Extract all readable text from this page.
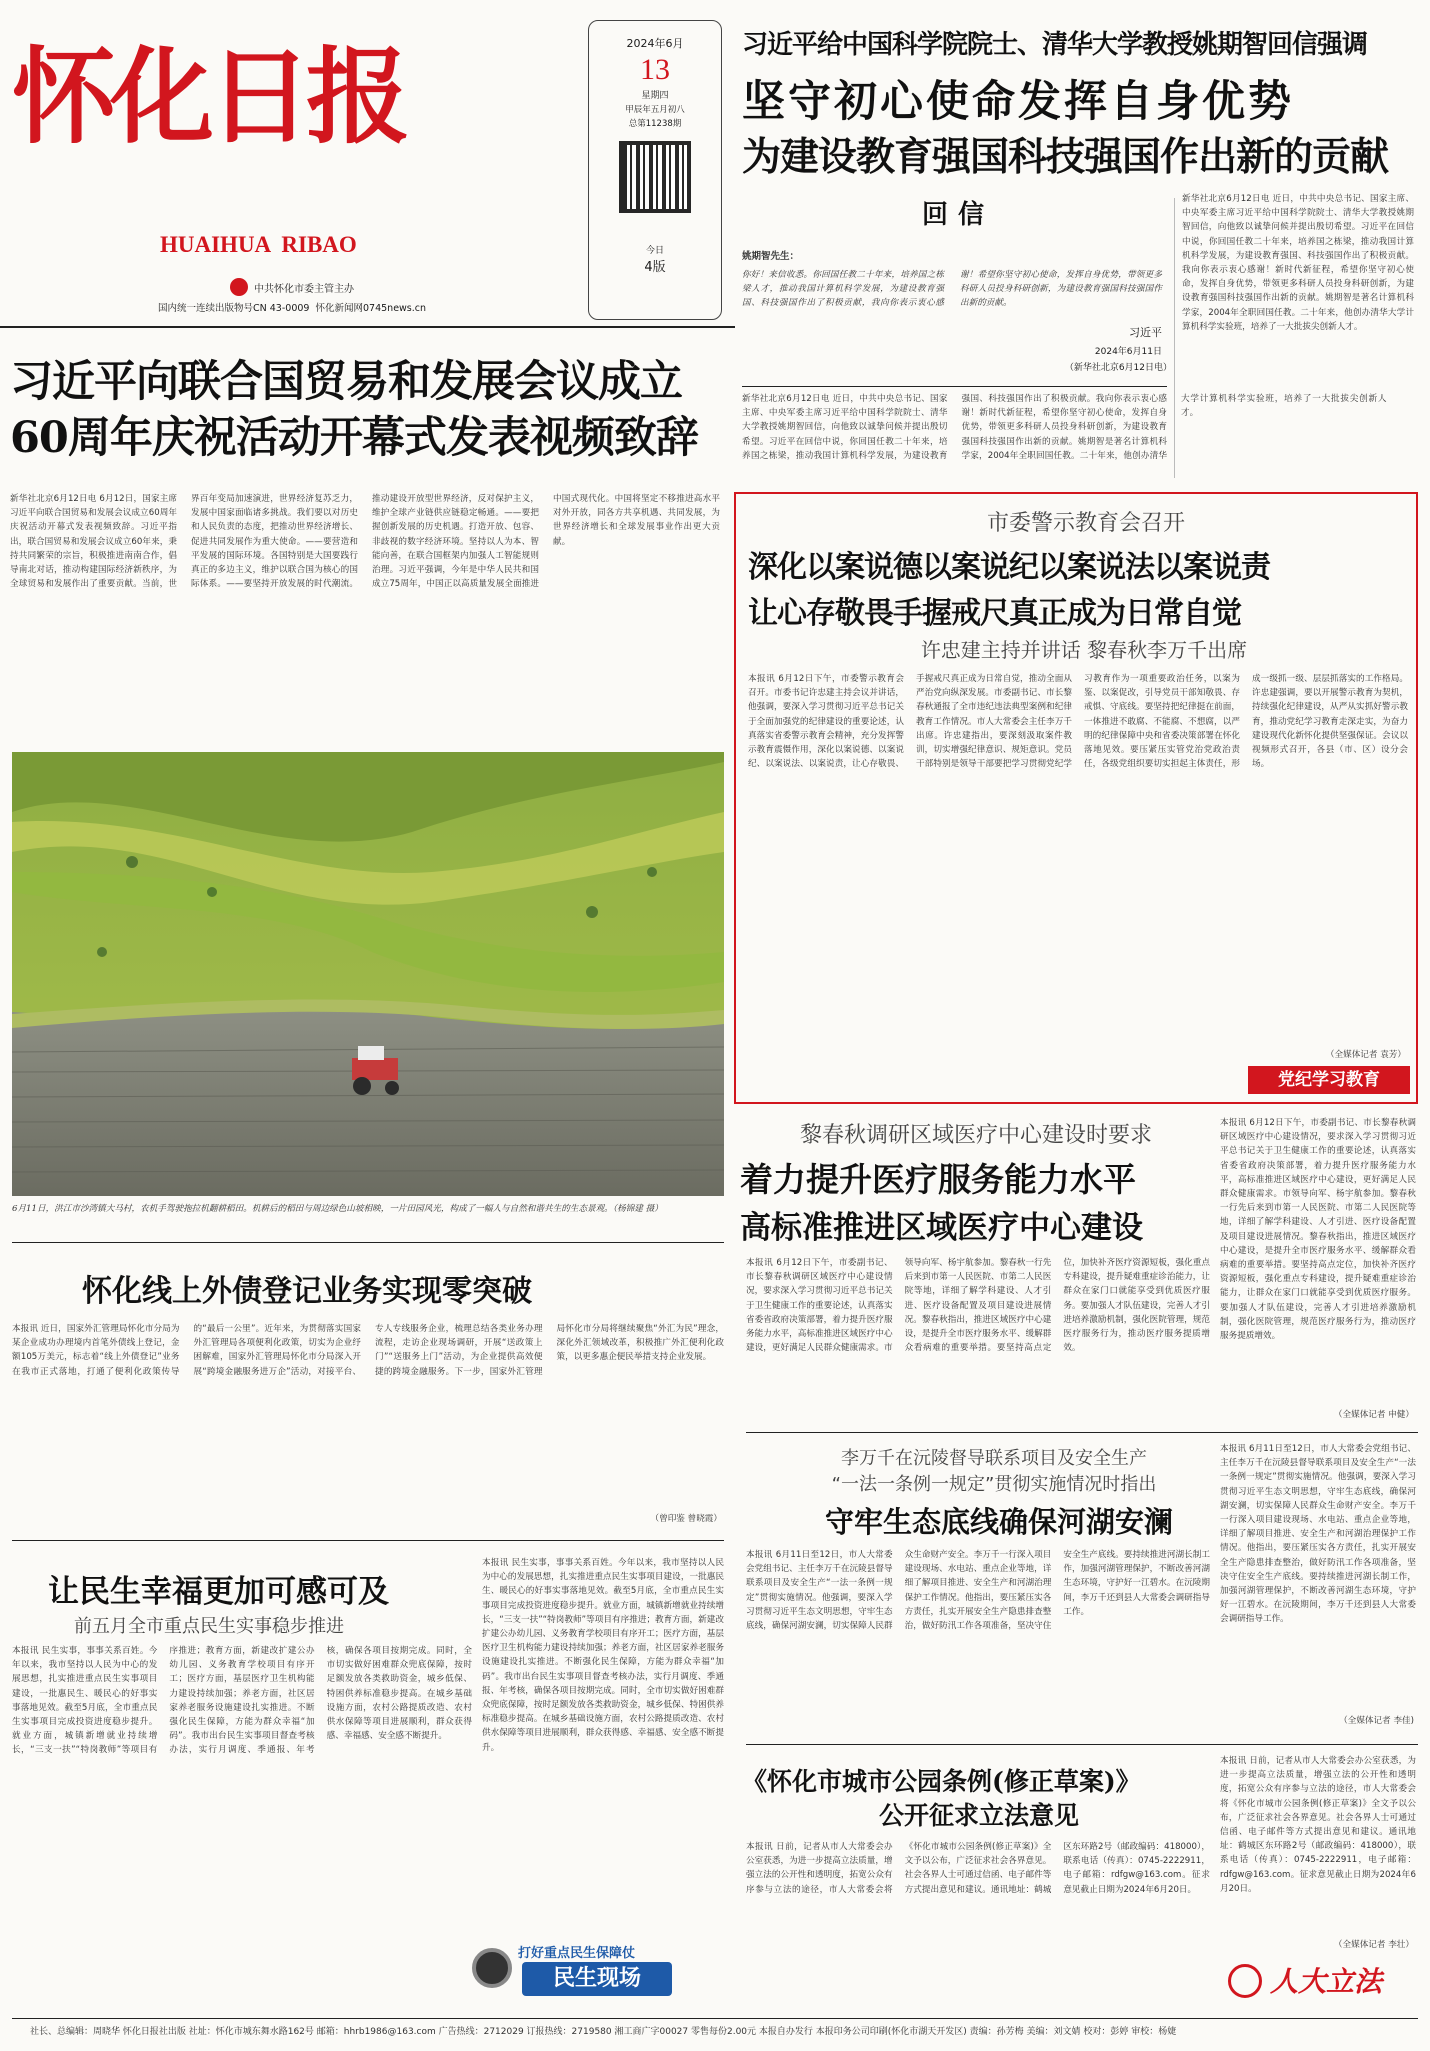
怀化日报
HUAIHUA  RIBAO
中共怀化市委主管主办
国内统一连续出版物号CN 43-0009 怀化新闻网0745news.cn
2024年6月
13
星期四
甲辰年五月初八
总第11238期
今日
4版
习近平给中国科学院院士、清华大学教授姚期智回信强调
坚守初心使命发挥自身优势
为建设教育强国科技强国作出新的贡献
回信
姚期智先生：
你好！来信收悉。你回国任教二十年来，培养国之栋梁人才，推动我国计算机科学发展，为建设教育强国、科技强国作出了积极贡献，我向你表示衷心感谢！希望你坚守初心使命，发挥自身优势，带领更多科研人员投身科研创新，为建设教育强国科技强国作出新的贡献。
习近平
2024年6月11日
（新华社北京6月12日电）
新华社北京6月12日电 近日，中共中央总书记、国家主席、中央军委主席习近平给中国科学院院士、清华大学教授姚期智回信，向他致以诚挚问候并提出殷切希望。习近平在回信中说，你回国任教二十年来，培养国之栋梁，推动我国计算机科学发展，为建设教育强国、科技强国作出了积极贡献。我向你表示衷心感谢！新时代新征程，希望你坚守初心使命，发挥自身优势，带领更多科研人员投身科研创新，为建设教育强国科技强国作出新的贡献。姚期智是著名计算机科学家，2004年全职回国任教。二十年来，他创办清华大学计算机科学实验班，培养了一大批拔尖创新人才。
新华社北京6月12日电 近日，中共中央总书记、国家主席、中央军委主席习近平给中国科学院院士、清华大学教授姚期智回信，向他致以诚挚问候并提出殷切希望。习近平在回信中说，你回国任教二十年来，培养国之栋梁，推动我国计算机科学发展，为建设教育强国、科技强国作出了积极贡献。我向你表示衷心感谢！新时代新征程，希望你坚守初心使命，发挥自身优势，带领更多科研人员投身科研创新，为建设教育强国科技强国作出新的贡献。姚期智是著名计算机科学家，2004年全职回国任教。二十年来，他创办清华大学计算机科学实验班，培养了一大批拔尖创新人才。
习近平向联合国贸易和发展会议成立
60周年庆祝活动开幕式发表视频致辞
新华社北京6月12日电 6月12日，国家主席习近平向联合国贸易和发展会议成立60周年庆祝活动开幕式发表视频致辞。习近平指出，联合国贸易和发展会议成立60年来，秉持共同繁荣的宗旨，积极推进南南合作，倡导南北对话，推动构建国际经济新秩序，为全球贸易和发展作出了重要贡献。当前，世界百年变局加速演进，世界经济复苏乏力，发展中国家面临诸多挑战。我们要以对历史和人民负责的态度，把推动世界经济增长、促进共同发展作为重大使命。——要营造和平发展的国际环境。各国特别是大国要践行真正的多边主义，维护以联合国为核心的国际体系。——要坚持开放发展的时代潮流。推动建设开放型世界经济，反对保护主义，维护全球产业链供应链稳定畅通。——要把握创新发展的历史机遇。打造开放、包容、非歧视的数字经济环境。坚持以人为本、智能向善，在联合国框架内加强人工智能规则治理。习近平强调，今年是中华人民共和国成立75周年，中国正以高质量发展全面推进中国式现代化。中国将坚定不移推进高水平对外开放，同各方共享机遇、共同发展，为世界经济增长和全球发展事业作出更大贡献。
6月11日，洪江市沙湾镇大马村，农机手驾驶拖拉机翻耕稻田。机耕后的稻田与周边绿色山坡相映，一片田园风光，构成了一幅人与自然和谐共生的生态景观。（杨锦建 摄）
怀化线上外债登记业务实现零突破
本报讯 近日，国家外汇管理局怀化市分局为某企业成功办理境内首笔外债线上登记，金额105万美元，标志着“线上外债登记”业务在我市正式落地，打通了便利化政策传导的“最后一公里”。近年来，为贯彻落实国家外汇管理局各项便利化政策，切实为企业纾困解难，国家外汇管理局怀化市分局深入开展“跨境金融服务进万企”活动，对接平台、专人专线服务企业，梳理总结各类业务办理流程，走访企业现场调研，开展“送政策上门”“送服务上门”活动，为企业提供高效便捷的跨境金融服务。下一步，国家外汇管理局怀化市分局将继续聚焦“外汇为民”理念，深化外汇领域改革，积极推广外汇便利化政策，以更多惠企便民举措支持企业发展。
（曾印鉴 曾晓霞）
让民生幸福更加可感可及
前五月全市重点民生实事稳步推进
本报讯 民生实事，事事关系百姓。今年以来，我市坚持以人民为中心的发展思想，扎实推进重点民生实事项目建设，一批惠民生、暖民心的好事实事落地见效。截至5月底，全市重点民生实事项目完成投资进度稳步提升。就业方面，城镇新增就业持续增长，“三支一扶”“特岗教师”等项目有序推进；教育方面，新建改扩建公办幼儿园、义务教育学校项目有序开工；医疗方面，基层医疗卫生机构能力建设持续加强；养老方面，社区居家养老服务设施建设扎实推进。不断强化民生保障，方能为群众幸福“加码”。我市出台民生实事项目督查考核办法，实行月调度、季通报、年考核，确保各项目按期完成。同时，全市切实做好困难群众兜底保障，按时足额发放各类救助资金，城乡低保、特困供养标准稳步提高。在城乡基础设施方面，农村公路提质改造、农村供水保障等项目进展顺利，群众获得感、幸福感、安全感不断提升。
本报讯 民生实事，事事关系百姓。今年以来，我市坚持以人民为中心的发展思想，扎实推进重点民生实事项目建设，一批惠民生、暖民心的好事实事落地见效。截至5月底，全市重点民生实事项目完成投资进度稳步提升。就业方面，城镇新增就业持续增长，“三支一扶”“特岗教师”等项目有序推进；教育方面，新建改扩建公办幼儿园、义务教育学校项目有序开工；医疗方面，基层医疗卫生机构能力建设持续加强；养老方面，社区居家养老服务设施建设扎实推进。不断强化民生保障，方能为群众幸福“加码”。我市出台民生实事项目督查考核办法，实行月调度、季通报、年考核，确保各项目按期完成。同时，全市切实做好困难群众兜底保障，按时足额发放各类救助资金，城乡低保、特困供养标准稳步提高。在城乡基础设施方面，农村公路提质改造、农村供水保障等项目进展顺利，群众获得感、幸福感、安全感不断提升。
打好重点民生保障仗
民生现场
市委警示教育会召开
深化以案说德以案说纪以案说法以案说责
让心存敬畏手握戒尺真正成为日常自觉
许忠建主持并讲话 黎春秋李万千出席
本报讯 6月12日下午，市委警示教育会召开。市委书记许忠建主持会议并讲话，他强调，要深入学习贯彻习近平总书记关于全面加强党的纪律建设的重要论述，认真落实省委警示教育会精神，充分发挥警示教育震慑作用，深化以案说德、以案说纪、以案说法、以案说责，让心存敬畏、手握戒尺真正成为日常自觉，推动全面从严治党向纵深发展。市委副书记、市长黎春秋通报了全市违纪违法典型案例和纪律教育工作情况。市人大常委会主任李万千出席。许忠建指出，要深刻汲取案件教训，切实增强纪律意识、规矩意识。党员干部特别是领导干部要把学习贯彻党纪学习教育作为一项重要政治任务，以案为鉴、以案促改，引导党员干部知敬畏、存戒惧、守底线。要坚持把纪律挺在前面，一体推进不敢腐、不能腐、不想腐，以严明的纪律保障中央和省委决策部署在怀化落地见效。要压紧压实管党治党政治责任，各级党组织要切实担起主体责任，形成一级抓一级、层层抓落实的工作格局。许忠建强调，要以开展警示教育为契机，持续强化纪律建设，从严从实抓好警示教育，推动党纪学习教育走深走实，为奋力建设现代化新怀化提供坚强保证。会议以视频形式召开，各县（市、区）设分会场。
（全媒体记者 袁芳）
党纪学习教育
黎春秋调研区域医疗中心建设时要求
着力提升医疗服务能力水平
高标准推进区域医疗中心建设
本报讯 6月12日下午，市委副书记、市长黎春秋调研区域医疗中心建设情况，要求深入学习贯彻习近平总书记关于卫生健康工作的重要论述，认真落实省委省政府决策部署，着力提升医疗服务能力水平，高标准推进区域医疗中心建设，更好满足人民群众健康需求。市领导向军、杨宇航参加。黎春秋一行先后来到市第一人民医院、市第二人民医院等地，详细了解学科建设、人才引进、医疗设备配置及项目建设进展情况。黎春秋指出，推进区域医疗中心建设，是提升全市医疗服务水平、缓解群众看病难的重要举措。要坚持高点定位，加快补齐医疗资源短板，强化重点专科建设，提升疑难重症诊治能力，让群众在家门口就能享受到优质医疗服务。要加强人才队伍建设，完善人才引进培养激励机制，强化医院管理，规范医疗服务行为，推动医疗服务提质增效。
本报讯 6月12日下午，市委副书记、市长黎春秋调研区域医疗中心建设情况，要求深入学习贯彻习近平总书记关于卫生健康工作的重要论述，认真落实省委省政府决策部署，着力提升医疗服务能力水平，高标准推进区域医疗中心建设，更好满足人民群众健康需求。市领导向军、杨宇航参加。黎春秋一行先后来到市第一人民医院、市第二人民医院等地，详细了解学科建设、人才引进、医疗设备配置及项目建设进展情况。黎春秋指出，推进区域医疗中心建设，是提升全市医疗服务水平、缓解群众看病难的重要举措。要坚持高点定位，加快补齐医疗资源短板，强化重点专科建设，提升疑难重症诊治能力，让群众在家门口就能享受到优质医疗服务。要加强人才队伍建设，完善人才引进培养激励机制，强化医院管理，规范医疗服务行为，推动医疗服务提质增效。
（全媒体记者 申健）
李万千在沅陵督导联系项目及安全生产
“一法一条例一规定”贯彻实施情况时指出
守牢生态底线确保河湖安澜
本报讯 6月11日至12日，市人大常委会党组书记、主任李万千在沅陵县督导联系项目及安全生产“一法一条例一规定”贯彻实施情况。他强调，要深入学习贯彻习近平生态文明思想，守牢生态底线，确保河湖安澜，切实保障人民群众生命财产安全。李万千一行深入项目建设现场、水电站、重点企业等地，详细了解项目推进、安全生产和河湖治理保护工作情况。他指出，要压紧压实各方责任，扎实开展安全生产隐患排查整治，做好防汛工作各项准备，坚决守住安全生产底线。要持续推进河湖长制工作，加强河湖管理保护，不断改善河湖生态环境，守护好一江碧水。在沅陵期间，李万千还到县人大常委会调研指导工作。
本报讯 6月11日至12日，市人大常委会党组书记、主任李万千在沅陵县督导联系项目及安全生产“一法一条例一规定”贯彻实施情况。他强调，要深入学习贯彻习近平生态文明思想，守牢生态底线，确保河湖安澜，切实保障人民群众生命财产安全。李万千一行深入项目建设现场、水电站、重点企业等地，详细了解项目推进、安全生产和河湖治理保护工作情况。他指出，要压紧压实各方责任，扎实开展安全生产隐患排查整治，做好防汛工作各项准备，坚决守住安全生产底线。要持续推进河湖长制工作，加强河湖管理保护，不断改善河湖生态环境，守护好一江碧水。在沅陵期间，李万千还到县人大常委会调研指导工作。
（全媒体记者 李佳)
《怀化市城市公园条例(修正草案)》
公开征求立法意见
本报讯 日前，记者从市人大常委会办公室获悉，为进一步提高立法质量，增强立法的公开性和透明度，拓宽公众有序参与立法的途径，市人大常委会将《怀化市城市公园条例(修正草案)》全文予以公布，广泛征求社会各界意见。社会各界人士可通过信函、电子邮件等方式提出意见和建议。通讯地址：鹤城区东环路2号（邮政编码：418000），联系电话（传真）：0745-2222911，电子邮箱：rdfgw@163.com。征求意见截止日期为2024年6月20日。
本报讯 日前，记者从市人大常委会办公室获悉，为进一步提高立法质量，增强立法的公开性和透明度，拓宽公众有序参与立法的途径，市人大常委会将《怀化市城市公园条例(修正草案)》全文予以公布，广泛征求社会各界意见。社会各界人士可通过信函、电子邮件等方式提出意见和建议。通讯地址：鹤城区东环路2号（邮政编码：418000），联系电话（传真）：0745-2222911，电子邮箱：rdfgw@163.com。征求意见截止日期为2024年6月20日。
（全媒体记者 李壮）
人大立法
社长、总编辑：周晓华 怀化日报社出版 社址：怀化市城东舞水路162号 邮箱：hhrb1986@163.com 广告热线：2712029 订报热线：2719580 湘工商广字00027 零售每份2.00元 本报自办发行 本报印务公司印刷(怀化市湖天开发区) 责编：孙芳梅 美编：刘文婧 校对：彭婷 审校：杨婕
